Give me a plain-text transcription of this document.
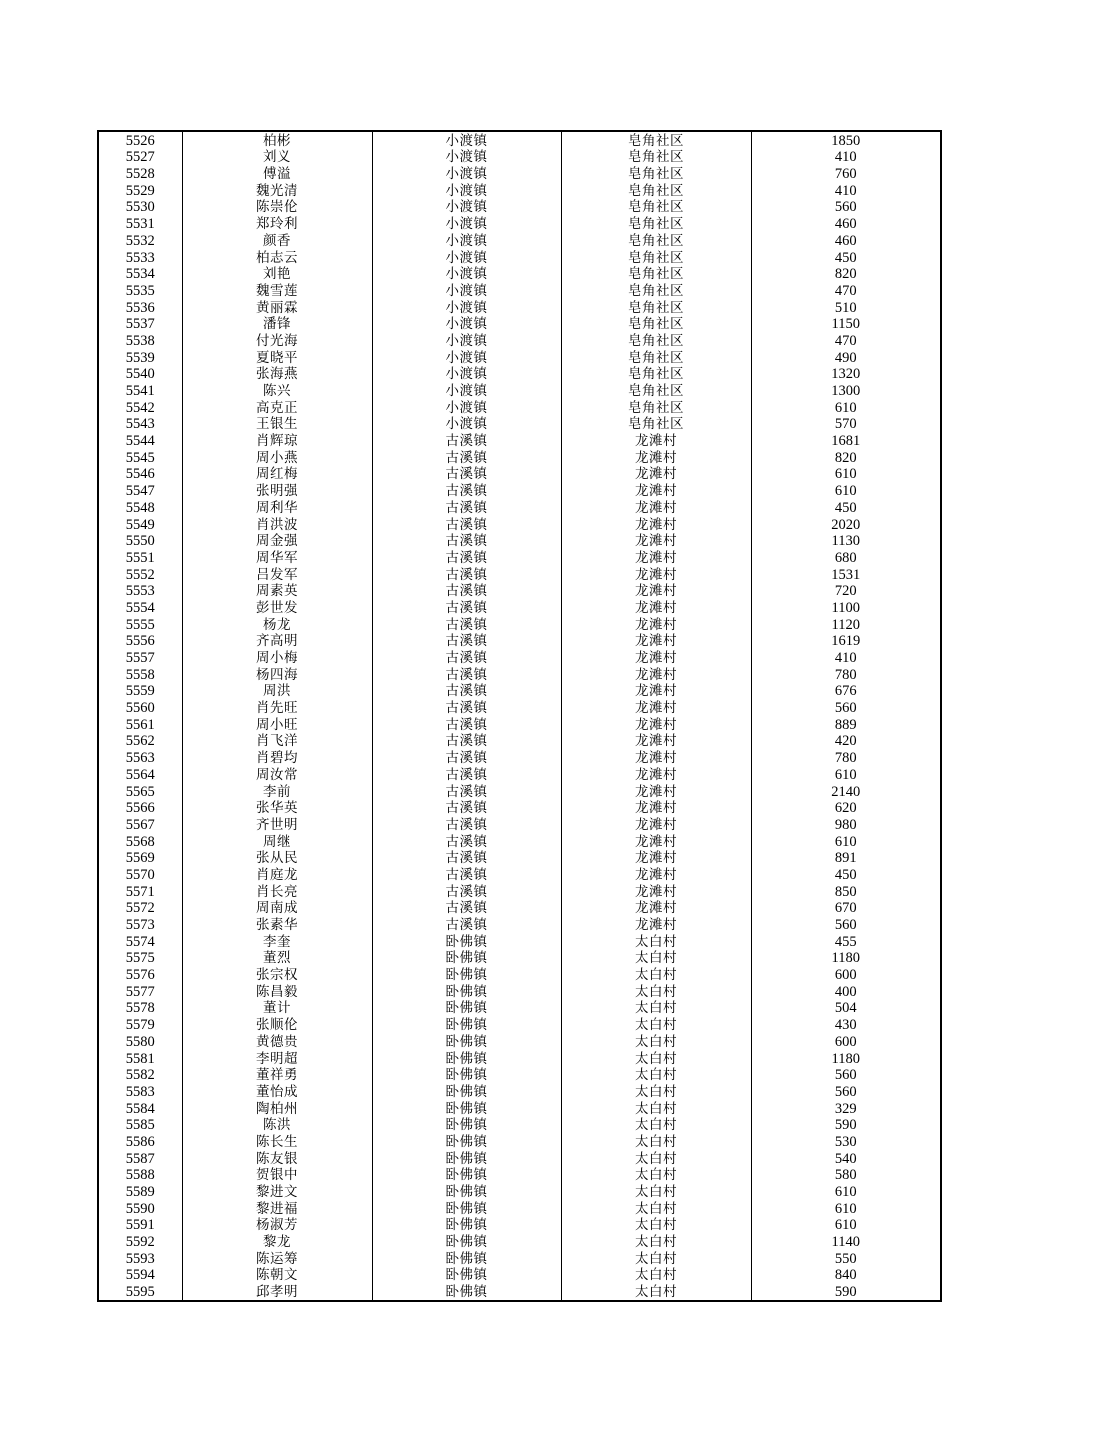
5526	柏彬	小渡镇	皂角社区	1850
5527	刘义	小渡镇	皂角社区	410
5528	傅溢	小渡镇	皂角社区	760
5529	魏光清	小渡镇	皂角社区	410
5530	陈崇伦	小渡镇	皂角社区	560
5531	郑玲利	小渡镇	皂角社区	460
5532	颜香	小渡镇	皂角社区	460
5533	柏志云	小渡镇	皂角社区	450
5534	刘艳	小渡镇	皂角社区	820
5535	魏雪莲	小渡镇	皂角社区	470
5536	黄丽霖	小渡镇	皂角社区	510
5537	潘锋	小渡镇	皂角社区	1150
5538	付光海	小渡镇	皂角社区	470
5539	夏晓平	小渡镇	皂角社区	490
5540	张海燕	小渡镇	皂角社区	1320
5541	陈兴	小渡镇	皂角社区	1300
5542	高克正	小渡镇	皂角社区	610
5543	王银生	小渡镇	皂角社区	570
5544	肖辉琼	古溪镇	龙滩村	1681
5545	周小燕	古溪镇	龙滩村	820
5546	周红梅	古溪镇	龙滩村	610
5547	张明强	古溪镇	龙滩村	610
5548	周利华	古溪镇	龙滩村	450
5549	肖洪波	古溪镇	龙滩村	2020
5550	周金强	古溪镇	龙滩村	1130
5551	周华军	古溪镇	龙滩村	680
5552	吕发军	古溪镇	龙滩村	1531
5553	周素英	古溪镇	龙滩村	720
5554	彭世发	古溪镇	龙滩村	1100
5555	杨龙	古溪镇	龙滩村	1120
5556	齐高明	古溪镇	龙滩村	1619
5557	周小梅	古溪镇	龙滩村	410
5558	杨四海	古溪镇	龙滩村	780
5559	周洪	古溪镇	龙滩村	676
5560	肖先旺	古溪镇	龙滩村	560
5561	周小旺	古溪镇	龙滩村	889
5562	肖飞洋	古溪镇	龙滩村	420
5563	肖碧均	古溪镇	龙滩村	780
5564	周汝常	古溪镇	龙滩村	610
5565	李前	古溪镇	龙滩村	2140
5566	张华英	古溪镇	龙滩村	620
5567	齐世明	古溪镇	龙滩村	980
5568	周继	古溪镇	龙滩村	610
5569	张从民	古溪镇	龙滩村	891
5570	肖庭龙	古溪镇	龙滩村	450
5571	肖长亮	古溪镇	龙滩村	850
5572	周南成	古溪镇	龙滩村	670
5573	张素华	古溪镇	龙滩村	560
5574	李奎	卧佛镇	太白村	455
5575	董烈	卧佛镇	太白村	1180
5576	张宗权	卧佛镇	太白村	600
5577	陈昌毅	卧佛镇	太白村	400
5578	董计	卧佛镇	太白村	504
5579	张顺伦	卧佛镇	太白村	430
5580	黄德贵	卧佛镇	太白村	600
5581	李明超	卧佛镇	太白村	1180
5582	董祥勇	卧佛镇	太白村	560
5583	董怡成	卧佛镇	太白村	560
5584	陶柏州	卧佛镇	太白村	329
5585	陈洪	卧佛镇	太白村	590
5586	陈长生	卧佛镇	太白村	530
5587	陈友银	卧佛镇	太白村	540
5588	贺银中	卧佛镇	太白村	580
5589	黎进文	卧佛镇	太白村	610
5590	黎进福	卧佛镇	太白村	610
5591	杨淑芳	卧佛镇	太白村	610
5592	黎龙	卧佛镇	太白村	1140
5593	陈运筹	卧佛镇	太白村	550
5594	陈朝文	卧佛镇	太白村	840
5595	邱孝明	卧佛镇	太白村	590
